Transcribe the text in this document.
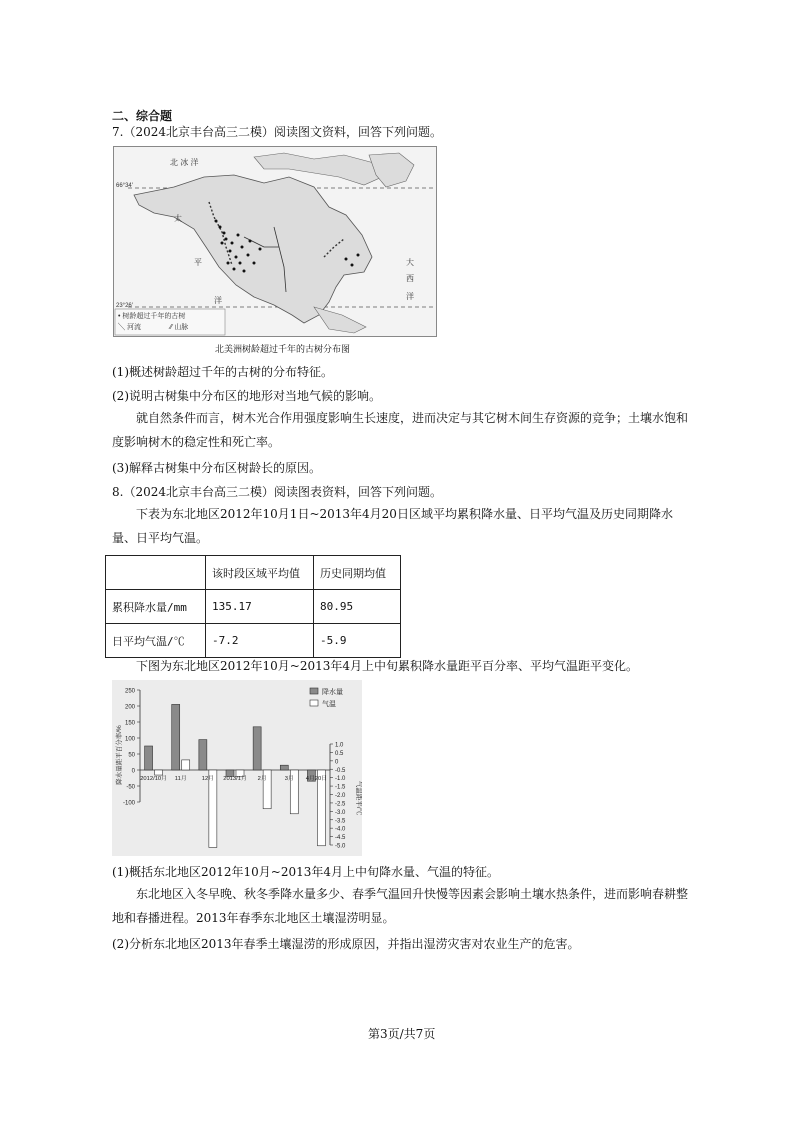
二、综合题
7.（2024北京丰台高三二模）阅读图文资料，回答下列问题。
北 冰 洋
太
平
洋
大
西
洋
66°34′
23°26′
• 树龄超过千年的古树
╲ 河流	⁄⁄ 山脉
北美洲树龄超过千年的古树分布图
(1)概述树龄超过千年的古树的分布特征。
(2)说明古树集中分布区的地形对当地气候的影响。
就自然条件而言，树木光合作用强度影响生长速度，进而决定与其它树木间生存资源的竞争；土壤水饱和度影响树木的稳定性和死亡率。
(3)解释古树集中分布区树龄长的原因。
8.（2024北京丰台高三二模）阅读图表资料，回答下列问题。
下表为东北地区2012年10月1日~2013年4月20日区域平均累积降水量、日平均气温及历史同期降水量、日平均气温。
	该时段区域平均值	历史同期均值
累积降水量/mm	135.17	80.95
日平均气温/℃	-7.2	-5.9
下图为东北地区2012年10月~2013年4月上中旬累积降水量距平百分率、平均气温距平变化。
250
200
150
100
50
0
-50
-100
1.0
0.5
0
-0.5
-1.0
-1.5
-2.0
-2.5
-3.0
-3.5
-4.0
-4.5
-5.0
降水量距平百分率/%
气温距平/℃
2012/10月 11月	12月 2013/1月 2月	3月 4月20日
降水量
气温
(1)概括东北地区2012年10月~2013年4月上中旬降水量、气温的特征。
东北地区入冬早晚、秋冬季降水量多少、春季气温回升快慢等因素会影响土壤水热条件，进而影响春耕整地和春播进程。2013年春季东北地区土壤湿涝明显。
(2)分析东北地区2013年春季土壤湿涝的形成原因，并指出湿涝灾害对农业生产的危害。
第3页/共7页
